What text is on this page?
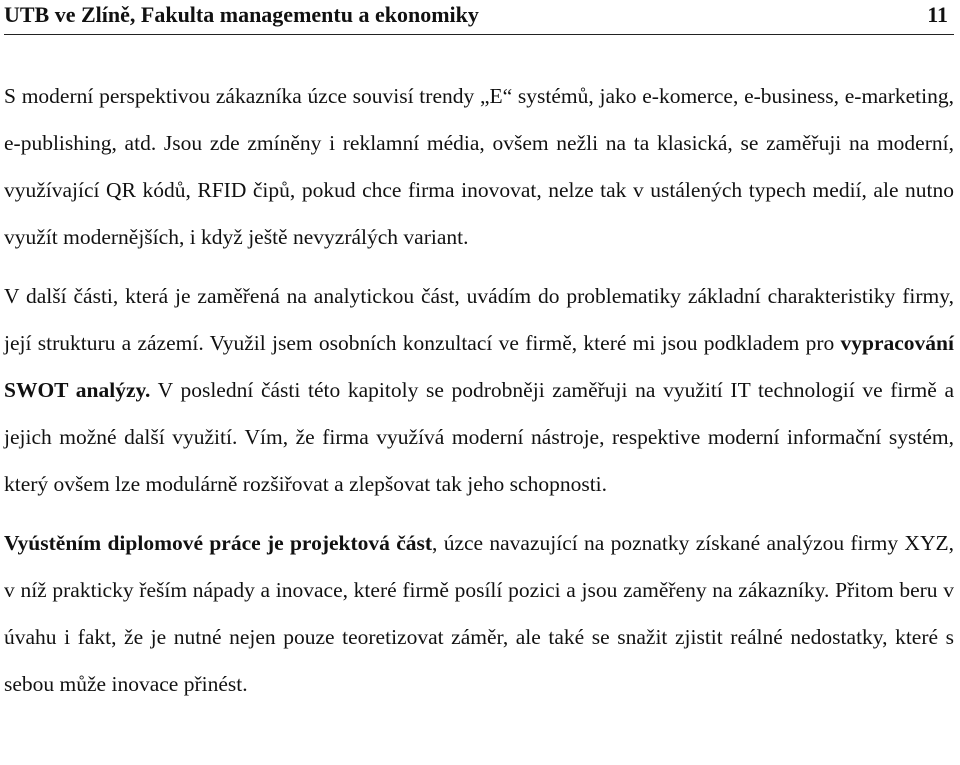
UTB ve Zlíně, Fakulta managementu a ekonomiky	11

S moderní perspektivou zákazníka úzce souvisí trendy „E“ systémů, jako e-komerce, e-business, e-marketing, e-publishing, atd. Jsou zde zmíněny i reklamní média, ovšem nežli na ta klasická, se zaměřuji na moderní, využívající QR kódů, RFID čipů, pokud chce firma inovovat, nelze tak v ustálených typech medií, ale nutno využít modernějších, i když ještě nevyzrálých variant.

V další části, která je zaměřená na analytickou část, uvádím do problematiky základní charakteristiky firmy, její strukturu a zázemí. Využil jsem osobních konzultací ve firmě, které mi jsou podkladem pro vypracování SWOT analýzy. V poslední části této kapitoly se podrobněji zaměřuji na využití IT technologií ve firmě a jejich možné další využití. Vím, že firma využívá moderní nástroje, respektive moderní informační systém, který ovšem lze modulárně rozšiřovat a zlepšovat tak jeho schopnosti.

Vyústěním diplomové práce je projektová část, úzce navazující na poznatky získané analýzou firmy XYZ, v níž prakticky řeším nápady a inovace, které firmě posílí pozici a jsou zaměřeny na zákazníky. Přitom beru v úvahu i fakt, že je nutné nejen pouze teoretizovat záměr, ale také se snažit zjistit reálné nedostatky, které s sebou může inovace přinést.
